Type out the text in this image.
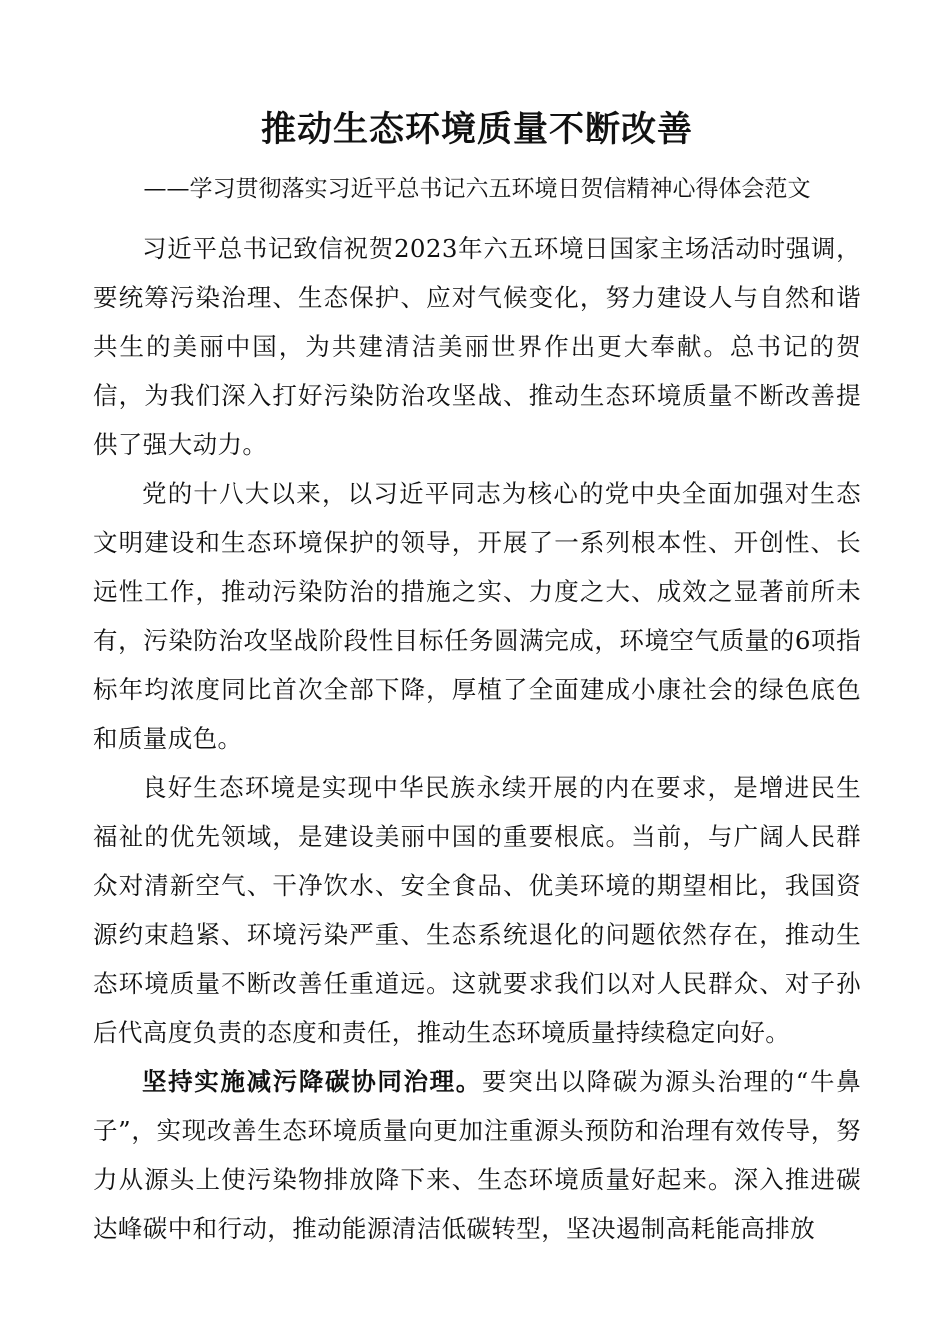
推动生态环境质量不断改善

——学习贯彻落实习近平总书记六五环境日贺信精神心得体会范文

习近平总书记致信祝贺2023年六五环境日国家主场活动时强调，要统筹污染治理、生态保护、应对气候变化，努力建设人与自然和谐共生的美丽中国，为共建清洁美丽世界作出更大奉献。总书记的贺信，为我们深入打好污染防治攻坚战、推动生态环境质量不断改善提供了强大动力。

党的十八大以来，以习近平同志为核心的党中央全面加强对生态文明建设和生态环境保护的领导，开展了一系列根本性、开创性、长远性工作，推动污染防治的措施之实、力度之大、成效之显著前所未有，污染防治攻坚战阶段性目标任务圆满完成，环境空气质量的6项指标年均浓度同比首次全部下降，厚植了全面建成小康社会的绿色底色和质量成色。

良好生态环境是实现中华民族永续开展的内在要求，是增进民生福祉的优先领域，是建设美丽中国的重要根底。当前，与广阔人民群众对清新空气、干净饮水、安全食品、优美环境的期望相比，我国资源约束趋紧、环境污染严重、生态系统退化的问题依然存在，推动生态环境质量不断改善任重道远。这就要求我们以对人民群众、对子孙后代高度负责的态度和责任，推动生态环境质量持续稳定向好。

坚持实施减污降碳协同治理。要突出以降碳为源头治理的“牛鼻子”，实现改善生态环境质量向更加注重源头预防和治理有效传导，努力从源头上使污染物排放降下来、生态环境质量好起来。深入推进碳达峰碳中和行动，推动能源清洁低碳转型，坚决遏制高耗能高排放
